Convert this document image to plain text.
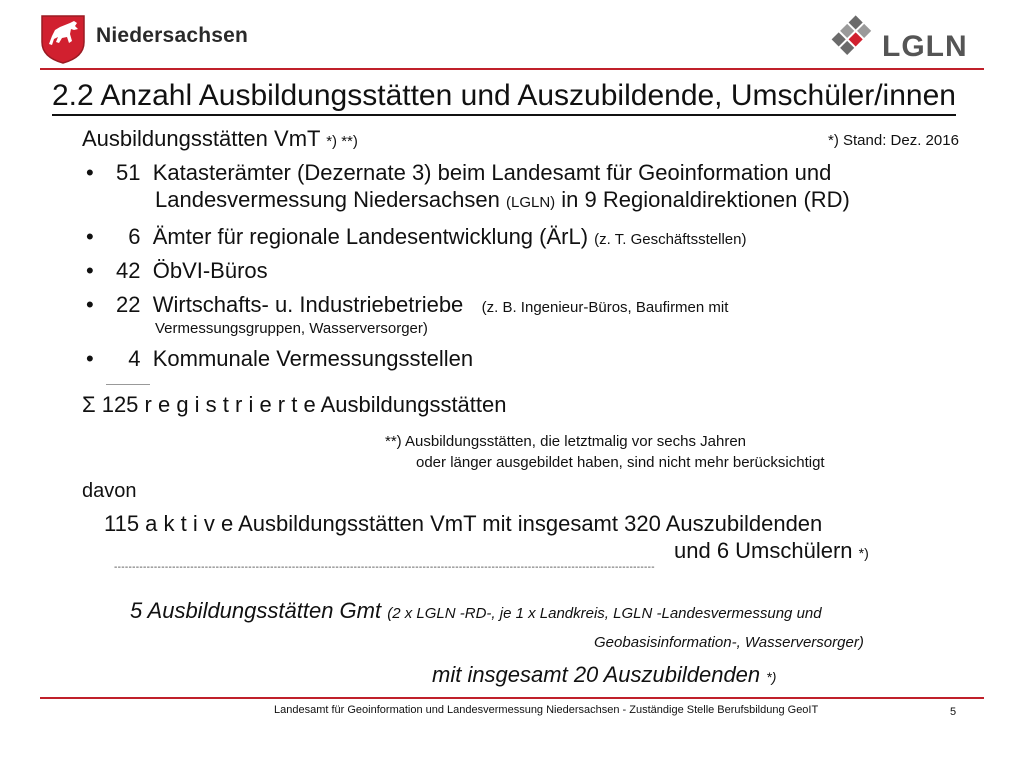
Niedersachsen	LGLN
2.2 Anzahl Ausbildungsstätten und Auszubildende, Umschüler/innen
Ausbildungsstätten VmT *) **)	*) Stand: Dez. 2016
• 51 Katasterämter (Dezernate 3) beim Landesamt für Geoinformation und
Landesvermessung Niedersachsen (LGLN) in 9 Regionaldirektionen (RD)
• 6 Ämter für regionale Landesentwicklung (ÄrL) (z. T. Geschäftsstellen)
• 42 ÖbVI-Büros
• 22 Wirtschafts- u. Industriebetriebe (z. B. Ingenieur-Büros, Baufirmen mit
Vermessungsgruppen, Wasserversorger)
• 4 Kommunale Vermessungsstellen
Σ 125 r e g i s t r i e r t e Ausbildungsstätten
**) Ausbildungsstätten, die letztmalig vor sechs Jahren
oder länger ausgebildet haben, sind nicht mehr berücksichtigt
davon
115 a k t i v e Ausbildungsstätten VmT mit insgesamt 320 Auszubildenden
und 6 Umschülern *)
-----------------------------------------------------------------------------------------------------------------------------------------------------
5 Ausbildungsstätten Gmt (2 x LGLN -RD-, je 1 x Landkreis, LGLN -Landesvermessung und
Geobasisinformation-, Wasserversorger)
mit insgesamt 20 Auszubildenden *)
Landesamt für Geoinformation und Landesvermessung Niedersachsen - Zuständige Stelle Berufsbildung GeoIT	5
